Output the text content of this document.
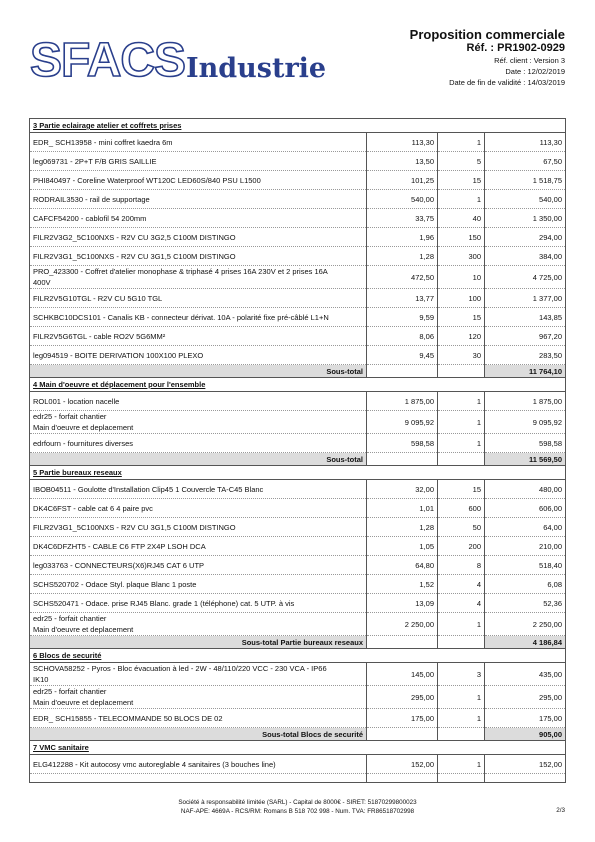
SFACS Industrie
Proposition commerciale
Réf. : PR1902-0929
Réf. client : Version 3
Date : 12/02/2019
Date de fin de validité : 14/03/2019
3 Partie eclairage atelier et coffrets prises			
EDR_ SCH13958 - mini coffret kaedra 6m	113,30	1	113,30
leg069731 - 2P+T F/B GRIS SAILLIE	13,50	5	67,50
PHI840497 - Coreline Waterproof WT120C LED60S/840 PSU L1500	101,25	15	1 518,75
RODRAIL3530 - rail de supportage	540,00	1	540,00
CAFCF54200 - cablofil 54 200mm	33,75	40	1 350,00
FILR2V3G2_5C100NXS - R2V CU 3G2,5 C100M DISTINGO	1,96	150	294,00
FILR2V3G1_5C100NXS - R2V CU 3G1,5 C100M DISTINGO	1,28	300	384,00
PRO_423300 - Coffret d'atelier monophase & triphasé 4 prises 16A 230V et 2 prises 16A
400V	472,50	10	4 725,00
FILR2V5G10TGL - R2V CU 5G10 TGL	13,77	100	1 377,00
SCHKBC10DCS101 - Canalis KB - connecteur dérivat. 10A - polarité fixe pré-câblé L1+N	9,59	15	143,85
FILR2V5G6TGL - cable RO2V 5G6MM²	8,06	120	967,20
leg094519 - BOITE DERIVATION 100X100 PLEXO	9,45	30	283,50
Sous-total			11 764,10
4 Main d'oeuvre et déplacement pour l'ensemble			
ROL001 - location nacelle	1 875,00	1	1 875,00
edr25 - forfait chantier
Main d'oeuvre et deplacement	9 095,92	1	9 095,92
edrfourn - fournitures diverses	598,58	1	598,58
Sous-total			11 569,50
5 Partie bureaux reseaux			
IBOB04511 - Goulotte d'Installation Clip45 1 Couvercle TA-C45 Blanc	32,00	15	480,00
DK4C6FST - cable cat 6 4 paire pvc	1,01	600	606,00
FILR2V3G1_5C100NXS - R2V CU 3G1,5 C100M DISTINGO	1,28	50	64,00
DK4C6DFZHT5 - CABLE C6 FTP 2X4P LSOH DCA	1,05	200	210,00
leg033763 - CONNECTEURS(X6)RJ45 CAT 6 UTP	64,80	8	518,40
SCHS520702 - Odace Styl. plaque Blanc 1 poste	1,52	4	6,08
SCHS520471 - Odace. prise RJ45 Blanc. grade 1 (téléphone) cat. 5 UTP. à vis	13,09	4	52,36
edr25 - forfait chantier
Main d'oeuvre et deplacement	2 250,00	1	2 250,00
Sous-total Partie bureaux reseaux			4 186,84
6 Blocs de securité			
SCHOVA58252 - Pyros - Bloc évacuation à led - 2W - 48/110/220 VCC - 230 VCA - IP66
IK10	145,00	3	435,00
edr25 - forfait chantier
Main d'oeuvre et deplacement	295,00	1	295,00
EDR_ SCH15855 - TELECOMMANDE 50 BLOCS DE 02	175,00	1	175,00
Sous-total Blocs de securité			905,00
7 VMC sanitaire			
ELG412288 - Kit autocosy vmc autoreglable 4 sanitaires (3 bouches line)	152,00	1	152,00

Société à responsabilité limitée (SARL) - Capital de 8000€ - SIRET: 51870299800023
NAF-APE: 4669A - RCS/RM: Romans B 518 702 998 - Num. TVA: FR86518702998	2/3
